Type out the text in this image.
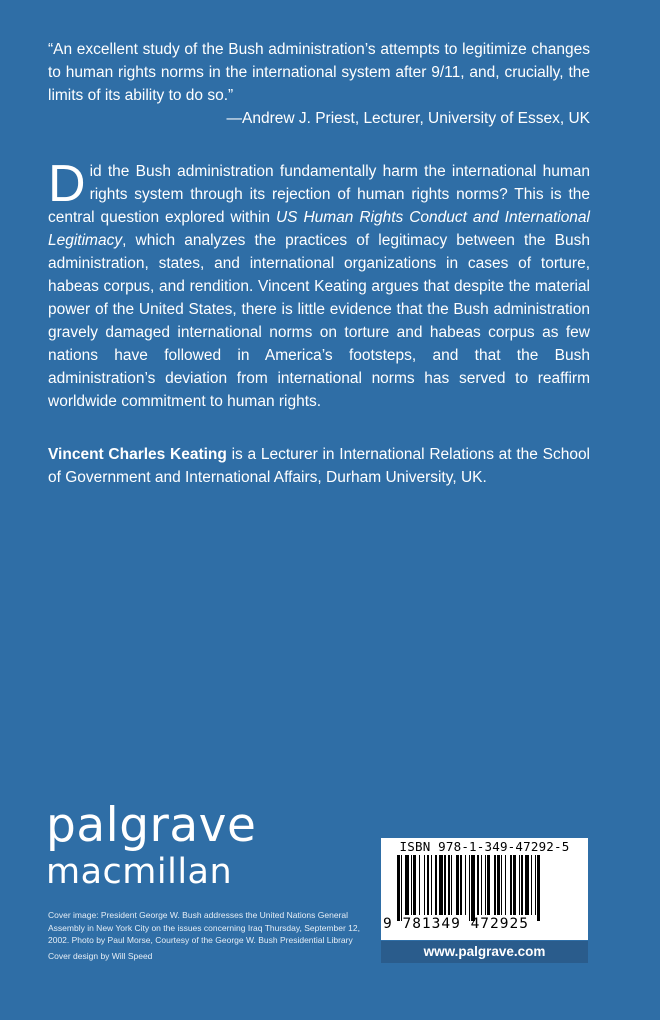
“An excellent study of the Bush administration’s attempts to legitimize changes to human rights norms in the international system after 9/11, and, crucially, the limits of its ability to do so.”
—Andrew J. Priest, Lecturer, University of Essex, UK
Did the Bush administration fundamentally harm the international human rights system through its rejection of human rights norms? This is the central question explored within US Human Rights Conduct and International Legitimacy, which analyzes the practices of legitimacy between the Bush administration, states, and international organizations in cases of torture, habeas corpus, and rendition. Vincent Keating argues that despite the material power of the United States, there is little evidence that the Bush administration gravely damaged international norms on torture and habeas corpus as few nations have followed in America’s footsteps, and that the Bush administration’s deviation from international norms has served to reaffirm worldwide commitment to human rights.
Vincent Charles Keating is a Lecturer in International Relations at the School of Government and International Affairs, Durham University, UK.
palgrave
macmillan
Cover image: President George W. Bush addresses the United Nations General Assembly in New York City on the issues concerning Iraq Thursday, September 12, 2002. Photo by Paul Morse, Courtesy of the George W. Bush Presidential Library
Cover design by Will Speed
ISBN 978-1-349-47292-5
9 781349 472925
www.palgrave.com
